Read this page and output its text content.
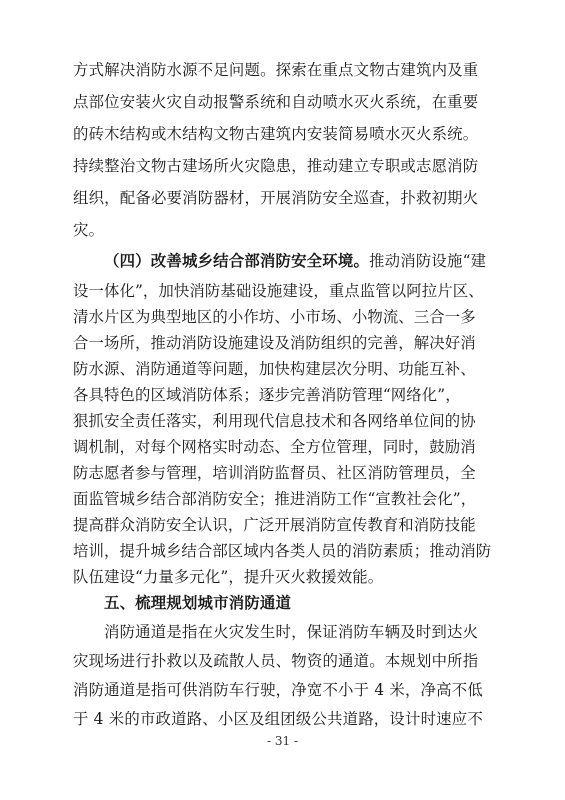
方式解决消防水源不足问题。探索在重点文物古建筑内及重
点部位安装火灾自动报警系统和自动喷水灭火系统，在重要
的砖木结构或木结构文物古建筑内安装简易喷水灭火系统。
持续整治文物古建场所火灾隐患，推动建立专职或志愿消防
组织，配备必要消防器材，开展消防安全巡查，扑救初期火
灾。
（四）改善城乡结合部消防安全环境。推动消防设施“建
设一体化”，加快消防基础设施建设，重点监管以阿拉片区、
清水片区为典型地区的小作坊、小市场、小物流、三合一多
合一场所，推动消防设施建设及消防组织的完善，解决好消
防水源、消防通道等问题，加快构建层次分明、功能互补、
各具特色的区域消防体系；逐步完善消防管理“网络化”，
狠抓安全责任落实，利用现代信息技术和各网络单位间的协
调机制，对每个网格实时动态、全方位管理，同时，鼓励消
防志愿者参与管理，培训消防监督员、社区消防管理员，全
面监管城乡结合部消防安全；推进消防工作“宣教社会化”，
提高群众消防安全认识，广泛开展消防宣传教育和消防技能
培训，提升城乡结合部区域内各类人员的消防素质；推动消防
队伍建设“力量多元化”，提升灭火救援效能。
- 31 -
五、梳理规划城市消防通道
消防通道是指在火灾发生时，保证消防车辆及时到达火
灾现场进行扑救以及疏散人员、物资的通道。本规划中所指
消防通道是指可供消防车行驶，净宽不小于 4 米，净高不低
于 4 米的市政道路、小区及组团级公共道路，设计时速应不
